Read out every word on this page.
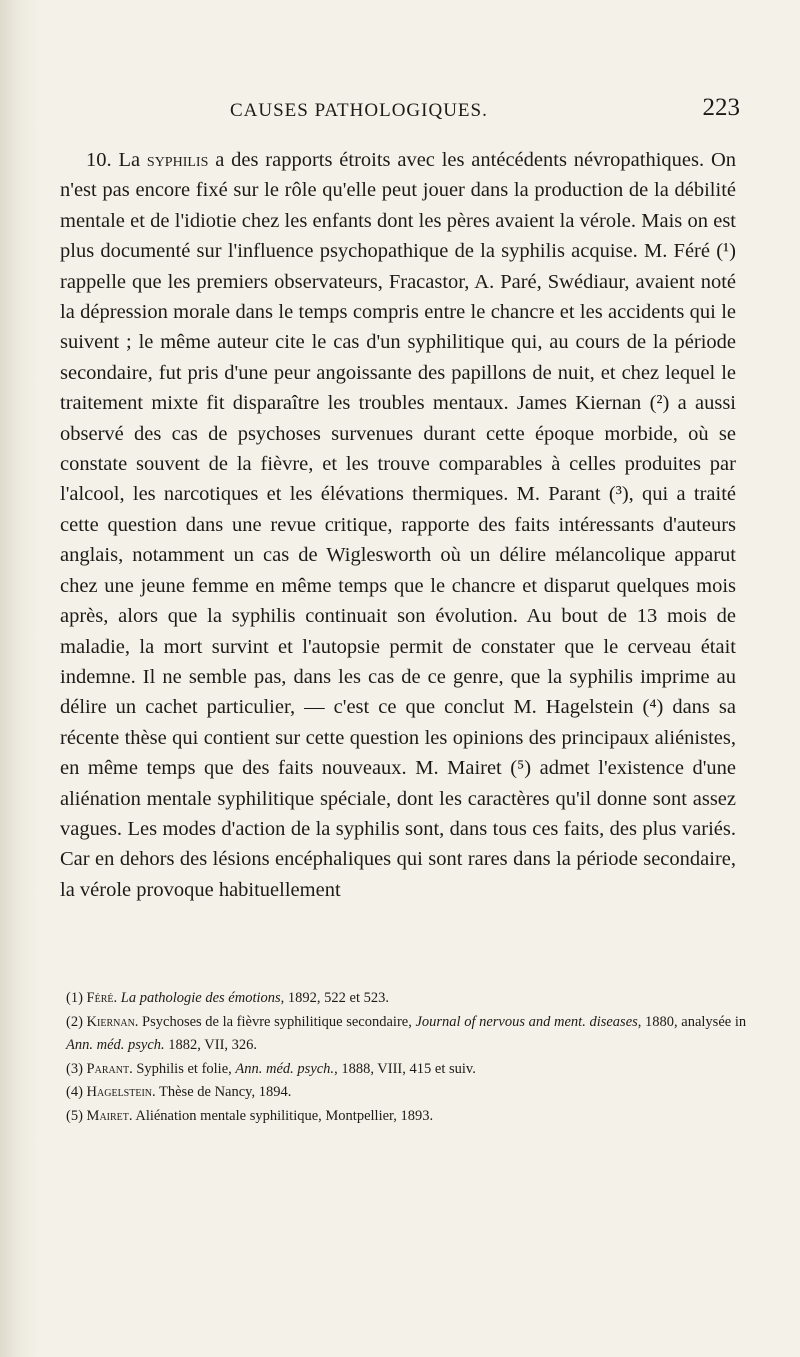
CAUSES PATHOLOGIQUES.	223

10. La syphilis a des rapports étroits avec les antécédents névropathiques. On n'est pas encore fixé sur le rôle qu'elle peut jouer dans la production de la débilité mentale et de l'idiotie chez les enfants dont les pères avaient la vérole. Mais on est plus documenté sur l'influence psychopathique de la syphilis acquise. M. Féré (¹) rappelle que les premiers observateurs, Fracastor, A. Paré, Swédiaur, avaient noté la dépression morale dans le temps compris entre le chancre et les accidents qui le suivent ; le même auteur cite le cas d'un syphilitique qui, au cours de la période secondaire, fut pris d'une peur angoissante des papillons de nuit, et chez lequel le traitement mixte fit disparaître les troubles mentaux. James Kiernan (²) a aussi observé des cas de psychoses survenues durant cette époque morbide, où se constate souvent de la fièvre, et les trouve comparables à celles produites par l'alcool, les narcotiques et les élévations thermiques. M. Parant (³), qui a traité cette question dans une revue critique, rapporte des faits intéressants d'auteurs anglais, notamment un cas de Wiglesworth où un délire mélancolique apparut chez une jeune femme en même temps que le chancre et disparut quelques mois après, alors que la syphilis continuait son évolution. Au bout de 13 mois de maladie, la mort survint et l'autopsie permit de constater que le cerveau était indemne. Il ne semble pas, dans les cas de ce genre, que la syphilis imprime au délire un cachet particulier, — c'est ce que conclut M. Hagelstein (⁴) dans sa récente thèse qui contient sur cette question les opinions des principaux aliénistes, en même temps que des faits nouveaux. M. Mairet (⁵) admet l'existence d'une aliénation mentale syphilitique spéciale, dont les caractères qu'il donne sont assez vagues. Les modes d'action de la syphilis sont, dans tous ces faits, des plus variés. Car en dehors des lésions encéphaliques qui sont rares dans la période secondaire, la vérole provoque habituellement

(1) Féré. La pathologie des émotions, 1892, 522 et 523.
(2) Kiernan. Psychoses de la fièvre syphilitique secondaire, Journal of nervous and ment. diseases, 1880, analysée in Ann. méd. psych. 1882, VII, 326.
(3) Parant. Syphilis et folie, Ann. méd. psych., 1888, VIII, 415 et suiv.
(4) Hagelstein. Thèse de Nancy, 1894.
(5) Mairet. Aliénation mentale syphilitique, Montpellier, 1893.
